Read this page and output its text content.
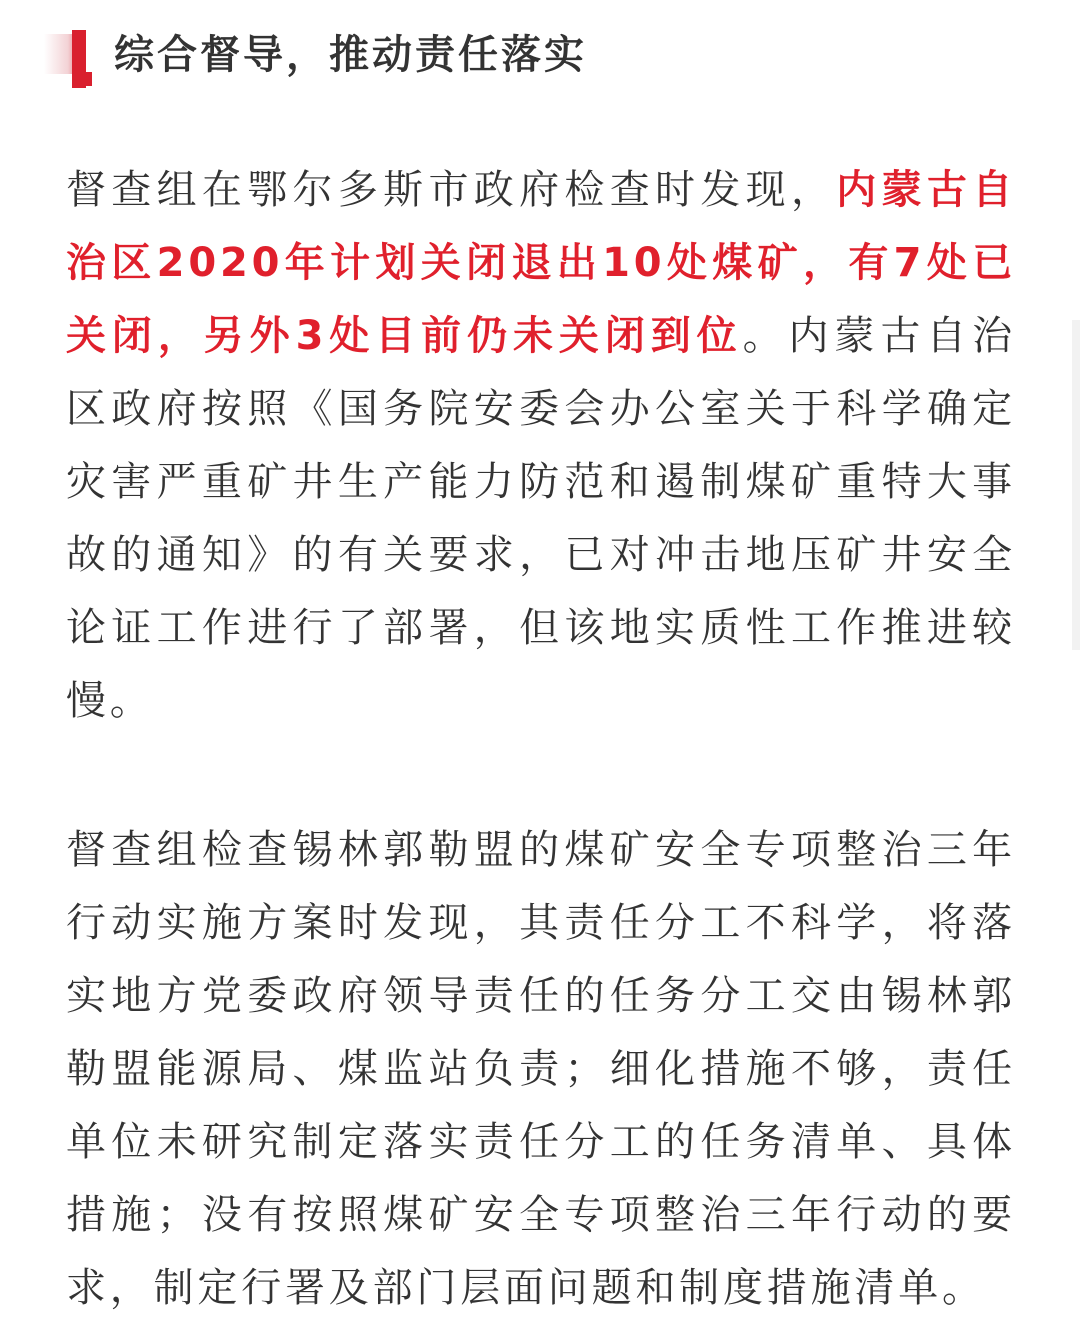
综合督导，推动责任落实

督查组在鄂尔多斯市政府检查时发现，内蒙古自治区2020年计划关闭退出10处煤矿，有7处已关闭，另外3处目前仍未关闭到位。内蒙古自治区政府按照《国务院安委会办公室关于科学确定灾害严重矿井生产能力防范和遏制煤矿重特大事故的通知》的有关要求，已对冲击地压矿井安全论证工作进行了部署，但该地实质性工作推进较慢。

督查组检查锡林郭勒盟的煤矿安全专项整治三年行动实施方案时发现，其责任分工不科学，将落实地方党委政府领导责任的任务分工交由锡林郭勒盟能源局、煤监站负责；细化措施不够，责任单位未研究制定落实责任分工的任务清单、具体措施；没有按照煤矿安全专项整治三年行动的要求，制定行署及部门层面问题和制度措施清单。
